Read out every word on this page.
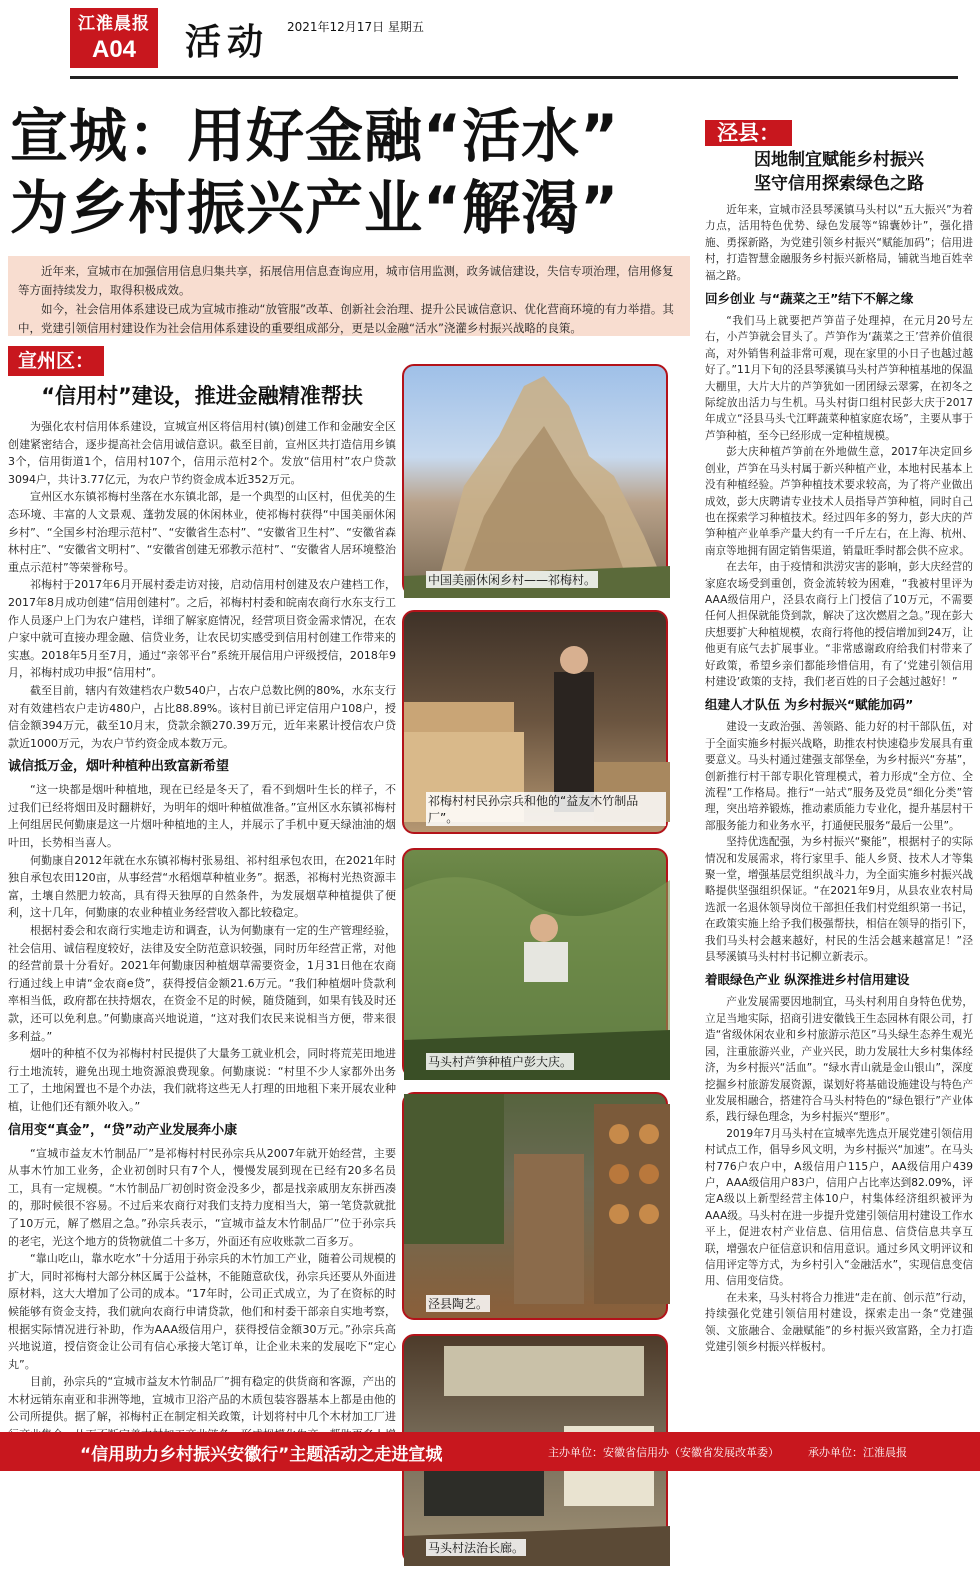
江淮晨报
A04	活动 2021年12月17日 星期五
宣城：用好金融“活水”
为乡村振兴产业“解渴”

近年来，宣城市在加强信用信息归集共享，拓展信用信息查询应用，城市信用监测，政务诚信建设，失信专项治理，信用修复等方面持续发力，取得积极成效。

如今，社会信用体系建设已成为宣城市推动“放管服”改革、创新社会治理、提升公民诚信意识、优化营商环境的有力举措。其中，党建引领信用村建设作为社会信用体系建设的重要组成部分，更是以金融“活水”浇灌乡村振兴战略的良策。

宣州区：
“信用村”建设，推进金融精准帮扶

为强化农村信用体系建设，宣城宣州区将信用村(镇)创建工作和金融安全区创建紧密结合，逐步提高社会信用诚信意识。截至目前，宣州区共打造信用乡镇3个，信用街道1个，信用村107个，信用示范村2个。发放“信用村”农户贷款3094户，共计3.77亿元，为农户节约资金成本近352万元。

宣州区水东镇祁梅村坐落在水东镇北部，是一个典型的山区村，但优美的生态环境、丰富的人文景观、蓬勃发展的休闲林业，使祁梅村获得“中国美丽休闲乡村”、“全国乡村治理示范村”、“安徽省生态村”、“安徽省卫生村”、“安徽省森林村庄”、“安徽省文明村”、“安徽省创建无邪教示范村”、“安徽省人居环境整治重点示范村”等荣誉称号。

祁梅村于2017年6月开展村委走访对接，启动信用村创建及农户建档工作，2017年8月成功创建“信用创建村”。之后，祁梅村村委和皖南农商行水东支行工作人员逐户上门为农户建档，详细了解家庭情况，经营项目资金需求情况，在农户家中就可直接办理金融、信贷业务，让农民切实感受到信用村创建工作带来的实惠。2018年5月至7月，通过“亲邻平台”系统开展信用户评级授信，2018年9月，祁梅村成功申报“信用村”。

截至目前，辖内有效建档农户数540户，占农户总数比例的80%，水东支行对有效建档农户走访480户，占比88.89%。该村目前已评定信用户108户，授信金额394万元，截至10月末，贷款余额270.39万元，近年来累计授信农户贷款近1000万元，为农户节约资金成本数万元。

诚信抵万金，烟叶种植种出致富新希望

“这一块都是烟叶种植地，现在已经是冬天了，看不到烟叶生长的样子，不过我们已经将烟田及时翻耕好，为明年的烟叶种植做准备。”宣州区水东镇祁梅村上何组居民何勤康是这一片烟叶种植地的主人，并展示了手机中夏天绿油油的烟叶田，长势相当喜人。

何勤康自2012年就在水东镇祁梅村张易组、祁村组承包农田，在2021年时独自承包农田120亩，从事经营“水稻烟草种植业务”。据悉，祁梅村光热资源丰富，土壤自然肥力较高，具有得天独厚的自然条件，为发展烟草种植提供了便利，这十几年，何勤康的农业种植业务经营收入都比较稳定。

根据村委会和农商行实地走访和调查，认为何勤康有一定的生产管理经验，社会信用、诚信程度较好，法律及安全防范意识较强，同时历年经营正常，对他的经营前景十分看好。2021年何勤康因种植烟草需要资金，1月31日他在农商行通过线上申请“金农商e贷”，获得授信金额21.6万元。“我们种植烟叶贷款利率相当低，政府都在扶持烟农，在资金不足的时候，随贷随到，如果有钱及时还款，还可以免利息。”何勤康高兴地说道，“这对我们农民来说相当方便，带来很多利益。”

烟叶的种植不仅为祁梅村村民提供了大量务工就业机会，同时将荒芜田地进行土地流转，避免出现土地资源浪费现象。何勤康说：“村里不少人家都外出务工了，土地闲置也不是个办法，我们就将这些无人打理的田地租下来开展农业种植，让他们还有额外收入。”

信用变“真金”，“贷”动产业发展奔小康

“宣城市益友木竹制品厂”是祁梅村村民孙宗兵从2007年就开始经营，主要从事木竹加工业务，企业初创时只有7个人，慢慢发展到现在已经有20多名员工，具有一定规模。“木竹制品厂初创时资金没多少，都是找亲戚朋友东拼西凑的，那时候很不容易。不过后来农商行对我们支持力度相当大，第一笔贷款就批了10万元，解了燃眉之急。”孙宗兵表示，“宣城市益友木竹制品厂”位于孙宗兵的老宅，光这个地方的货物就值二十多万，外面还有应收账款二百多万。

“靠山吃山，靠水吃水”十分适用于孙宗兵的木竹加工产业，随着公司规模的扩大，同时祁梅村大部分林区属于公益林，不能随意砍伐，孙宗兵还要从外面进原材料，这大大增加了公司的成本。“17年时，公司正式成立，为了在资标的时候能够有资金支持，我们就向农商行申请贷款，他们和村委干部亲自实地考察，根据实际情况进行补助，作为AAA级信用户，获得授信金额30万元。”孙宗兵高兴地说道，授信资金让公司有信心承接大笔订单，让企业未来的发展吃下“定心丸”。

目前，孙宗兵的“宣城市益友木竹制品厂”拥有稳定的供货商和客源，产出的木材远销东南亚和非洲等地，宣城市卫浴产品的木质包装容器基本上都是由他的公司所提供。据了解，祁梅村正在制定相关政策，计划将村中几个木材加工厂进

中国美丽休闲乡村——祁梅村。
祁梅村村民孙宗兵和他的“益友木竹制品厂”。
马头村芦笋种植户彭大庆。
泾县陶艺。
马头村法治长廊。
泾县：
因地制宜赋能乡村振兴
坚守信用探索绿色之路

近年来，宣城市泾县琴溪镇马头村以“五大振兴”为着力点，活用特色优势、绿色发展等“锦囊妙计”，强化措施、勇探新路，为党建引领乡村振兴“赋能加码”；信用进村，打造智慧金融服务乡村振兴新格局，铺就当地百姓幸福之路。

回乡创业 与“蔬菜之王”结下不解之缘

“我们马上就要把芦笋苗子处理掉，在元月20号左右，小芦笋就会冒头了。芦笋作为‘蔬菜之王’营养价值很高，对外销售利益非常可观，现在家里的小日子也越过越好了。”11月下旬的泾县琴溪镇马头村芦笋种植基地的保温大棚里，大片大片的芦笋犹如一团团绿云翠雾，在初冬之际绽放出活力与生机。马头村街口组村民彭大庆于2017年成立“泾县马头弋江畔蔬菜种植家庭农场”，主要从事于芦笋种植，至今已经形成一定种植规模。

彭大庆种植芦笋前在外地做生意，2017年决定回乡创业，芦笋在马头村属于新兴种植产业，本地村民基本上没有种植经验。芦笋种植技术要求较高，为了将产业做出成效，彭大庆聘请专业技术人员指导芦笋种植，同时自己也在探索学习种植技术。经过四年多的努力，彭大庆的芦笋种植产业单季产量大约有一千斤左右，在上海、杭州、南京等地拥有固定销售渠道，销量旺季时都会供不应求。

在去年，由于疫情和洪涝灾害的影响，彭大庆经营的家庭农场受到重创，资金流转较为困难，“我被村里评为AAA级信用户，泾县农商行上门授信了10万元，不需要任何人担保就能贷到款，解决了这次燃眉之急。”现在彭大庆想要扩大种植规模，农商行将他的授信增加到24万，让他更有底气去扩展事业。“非常感谢政府给我们村带来了好政策，希望乡亲们都能珍惜信用，有了‘党建引领信用村建设’政策的支持，我们老百姓的日子会越过越好！”

组建人才队伍 为乡村振兴“赋能加码”

建设一支政治强、善领路、能力好的村干部队伍，对于全面实施乡村振兴战略，助推农村快速稳步发展具有重要意义。马头村通过建强支部堡垒，为乡村振兴“夯基”，创新推行村干部专职化管理模式，着力形成“全方位、全流程”工作格局。推行“一站式”服务及党员“细化分类”管理，突出培养锻炼，推动素质能力专业化，提升基层村干部服务能力和业务水平，打通便民服务“最后一公里”。

坚持优选配强，为乡村振兴“聚能”，根据村子的实际情况和发展需求，将行家里手、能人乡贤、技术人才等集聚一堂，增强基层党组织战斗力，为全面实施乡村振兴战略提供坚强组织保证。“在2021年9月，从县农业农村局选派一名退休领导岗位干部担任我们村党组织第一书记，在政策实施上给予我们极强帮扶，相信在领导的指引下，我们马头村会越来越好，村民的生活会越来越富足！”泾县琴溪镇马头村村书记柳立新表示。

着眼绿色产业 纵深推进乡村信用建设

产业发展需要因地制宜，马头村利用自身特色优势，立足当地实际，招商引进安徽钱王生态园林有限公司，打造“省级休闲农业和乡村旅游示范区”马头绿生态养生观光园，注重旅游兴业，产业兴民，助力发展壮大乡村集体经济，为乡村振兴“活血”。“绿水青山就是金山银山”，深度挖掘乡村旅游发展资源，谋划好将基础设施建设与特色产业发展相融合，搭建符合马头村特色的“绿色银行”产业体系，践行绿色理念，为乡村振兴“塑形”。

2019年7月马头村在宣城率先选点开展党建引领信用村试点工作，倡导乡风文明，为乡村振兴“加速”。在马头村776户农户中，A级信用户115户，AA级信用户439户，AAA级信用户83户，信用户占比率达到82.09%，评定A级以上新型经营主体10户，村集体经济组织被评为AAA级。马头村在进一步提升党建引领信用村建设工作水平上，促进农村产业信息、信用信息、信贷信息共享互联，增强农户征信意识和信用意识。通过乡风文明评议和信用评定等方式，为乡村引入“金融活水”，实现信息变信用、信用变信贷。

在未来，马头村将合力推进“走在前、创示范”行动，持续强化党建引领信用村建设，探索走出一条“党建强领、文旅融合、金融赋能”的乡村振兴致富路，全力打造党建引领乡村振兴样板村。

“信用助力乡村振兴安徽行”主题活动之走进宣城	主办单位：安徽省信用办（安徽省发展改革委）	承办单位：江淮晨报
